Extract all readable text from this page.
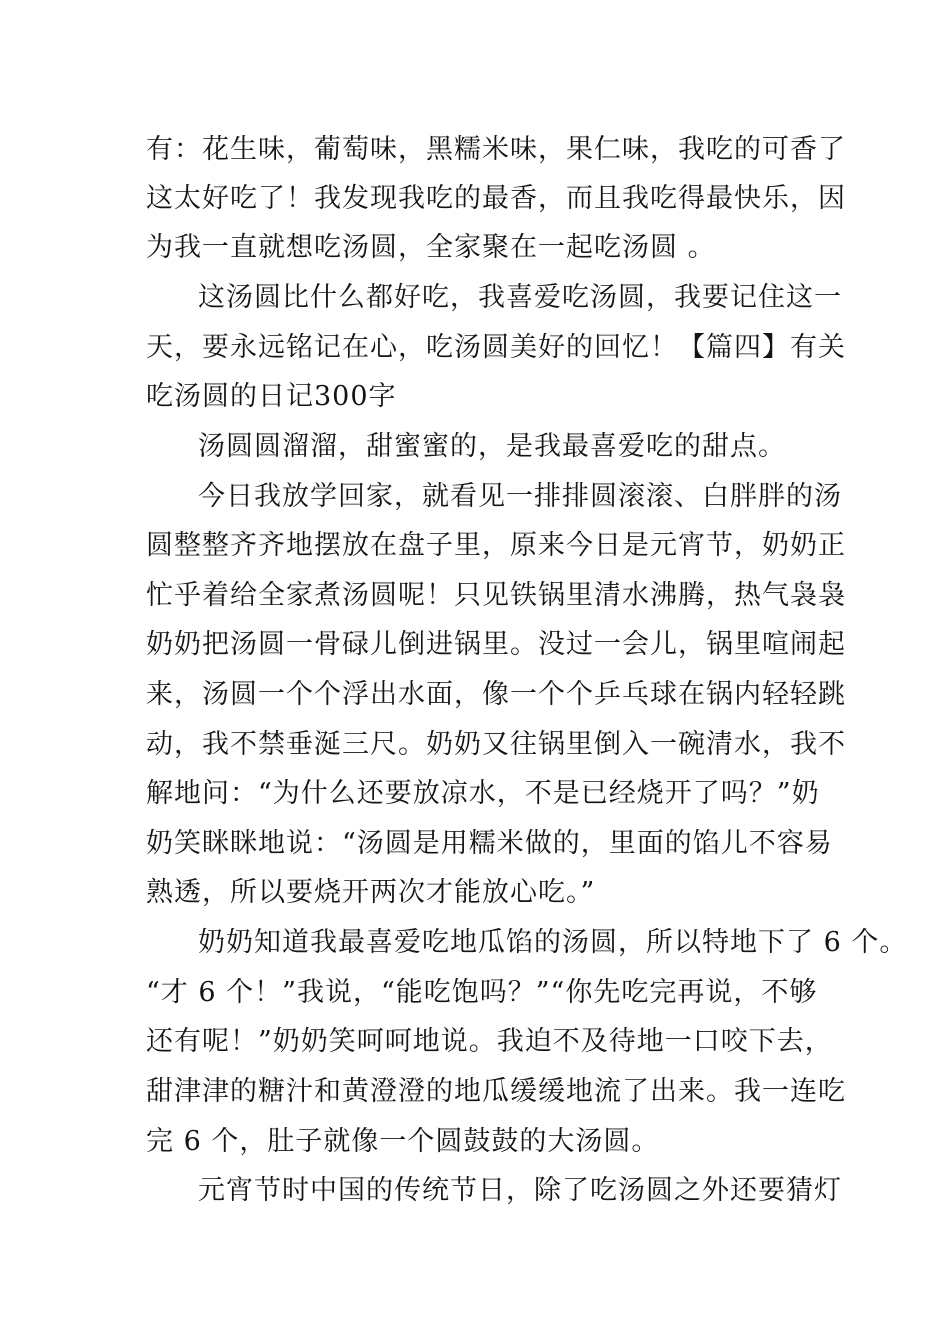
有：花生味，葡萄味，黑糯米味，果仁味，我吃的可香了
这太好吃了！我发现我吃的最香，而且我吃得最快乐，因
为我一直就想吃汤圆，全家聚在一起吃汤圆 。
这汤圆比什么都好吃，我喜爱吃汤圆，我要记住这一
天，要永远铭记在心，吃汤圆美好的回忆！【篇四】有关
吃汤圆的日记300字
汤圆圆溜溜，甜蜜蜜的，是我最喜爱吃的甜点。
今日我放学回家，就看见一排排圆滚滚、白胖胖的汤
圆整整齐齐地摆放在盘子里，原来今日是元宵节，奶奶正
忙乎着给全家煮汤圆呢！只见铁锅里清水沸腾，热气袅袅
奶奶把汤圆一骨碌儿倒进锅里。没过一会儿，锅里喧闹起
来，汤圆一个个浮出水面，像一个个乒乓球在锅内轻轻跳
动，我不禁垂涎三尺。奶奶又往锅里倒入一碗清水，我不
解地问：“为什么还要放凉水，不是已经烧开了吗？”奶
奶笑眯眯地说：“汤圆是用糯米做的，里面的馅儿不容易
熟透，所以要烧开两次才能放心吃。”
奶奶知道我最喜爱吃地瓜馅的汤圆，所以特地下了 6 个。
“才 6 个！”我说，“能吃饱吗？”“你先吃完再说，不够
还有呢！”奶奶笑呵呵地说。我迫不及待地一口咬下去，
甜津津的糖汁和黄澄澄的地瓜缓缓地流了出来。我一连吃
完 6 个，肚子就像一个圆鼓鼓的大汤圆。
元宵节时中国的传统节日，除了吃汤圆之外还要猜灯
